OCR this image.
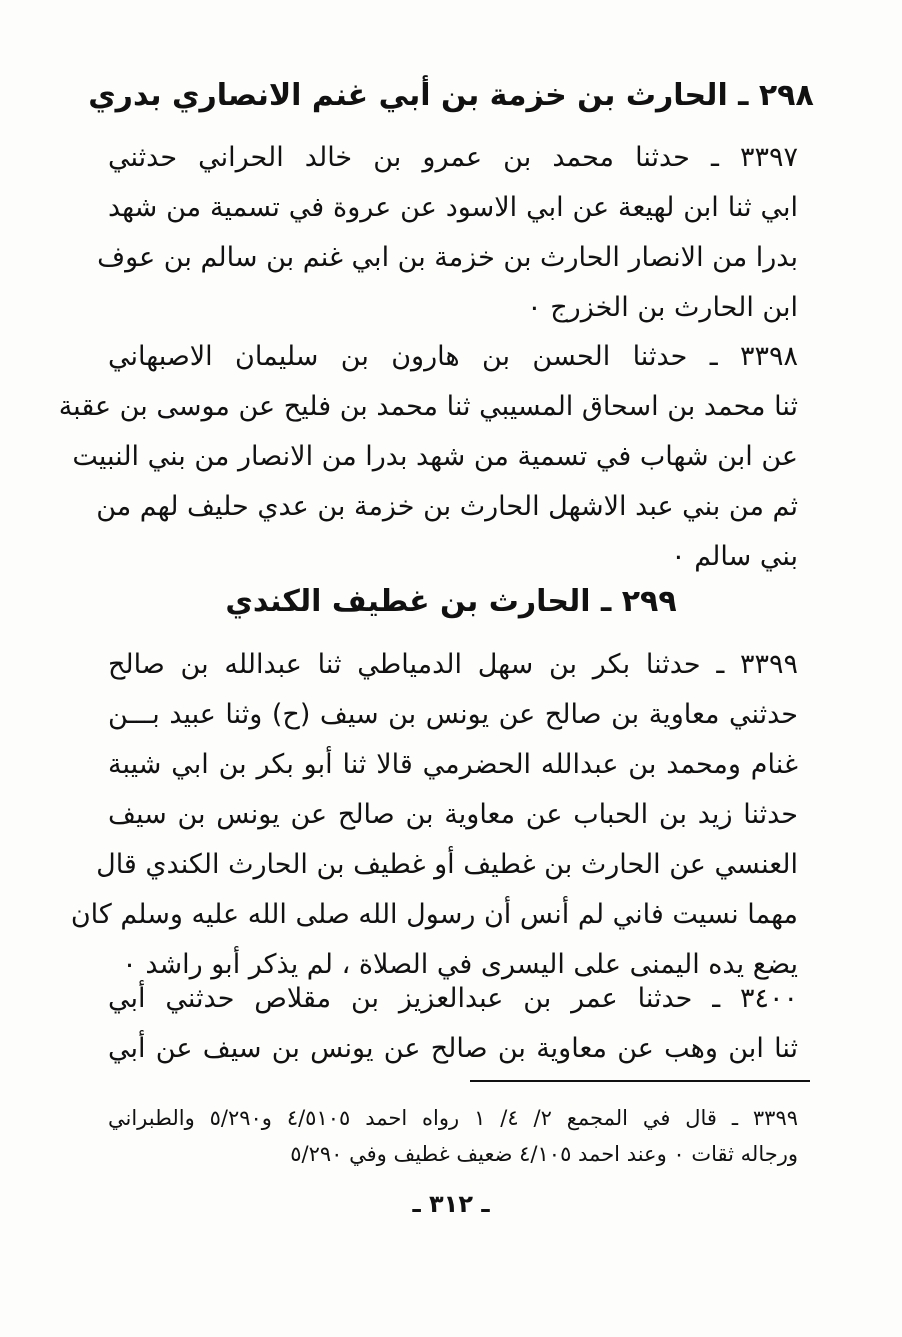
٢٩٨ ـ الحارث بن خزمة بن أبي غنم الانصاري بدري
٣٣٩٧ ـ حدثنا محمد بن عمرو بن خالد الحراني حدثني
ابي ثنا ابن لهيعة عن ابي الاسود عن عروة في تسمية من شهد
بدرا من الانصار الحارث بن خزمة بن ابي غنم بن سالم بن عوف
ابن الحارث بن الخزرج ٠
٣٣٩٨ ـ حدثنا الحسن بن هارون بن سليمان الاصبهاني
ثنا محمد بن اسحاق المسيبي ثنا محمد بن فليح عن موسى بن عقبة
عن ابن شهاب في تسمية من شهد بدرا من الانصار من بني النبيت
ثم من بني عبد الاشهل الحارث بن خزمة بن عدي حليف لهم من
بني سالم ٠
٢٩٩ ـ الحارث بن غطيف الكندي
٣٣٩٩ ـ حدثنا بكر بن سهل الدمياطي ثنا عبدالله بن صالح
حدثني معاوية بن صالح عن يونس بن سيف (ح) وثنا عبيد بـــن
غنام ومحمد بن عبدالله الحضرمي قالا ثنا أبو بكر بن ابي شيبة
حدثنا زيد بن الحباب عن معاوية بن صالح عن يونس بن سيف
العنسي عن الحارث بن غطيف أو غطيف بن الحارث الكندي قال
مهما نسيت فاني لم أنس أن رسول الله صلى الله عليه وسلم كان
يضع يده اليمنى على اليسرى في الصلاة ، لم يذكر أبو راشد ٠
٣٤٠٠ ـ حدثنا عمر بن عبدالعزيز بن مقلاص حدثني أبي
ثنا ابن وهب عن معاوية بن صالح عن يونس بن سيف عن أبي
٣٣٩٩ ـ قال في المجمع ٢/ ٤/ ١ رواه احمد ٤/٥١٠٥ و٥/٢٩٠ والطبراني
ورجاله ثقات ٠ وعند احمد ٤/١٠٥ ضعيف غطيف وفي ٥/٢٩٠
ـ ٣١٢ ـ
